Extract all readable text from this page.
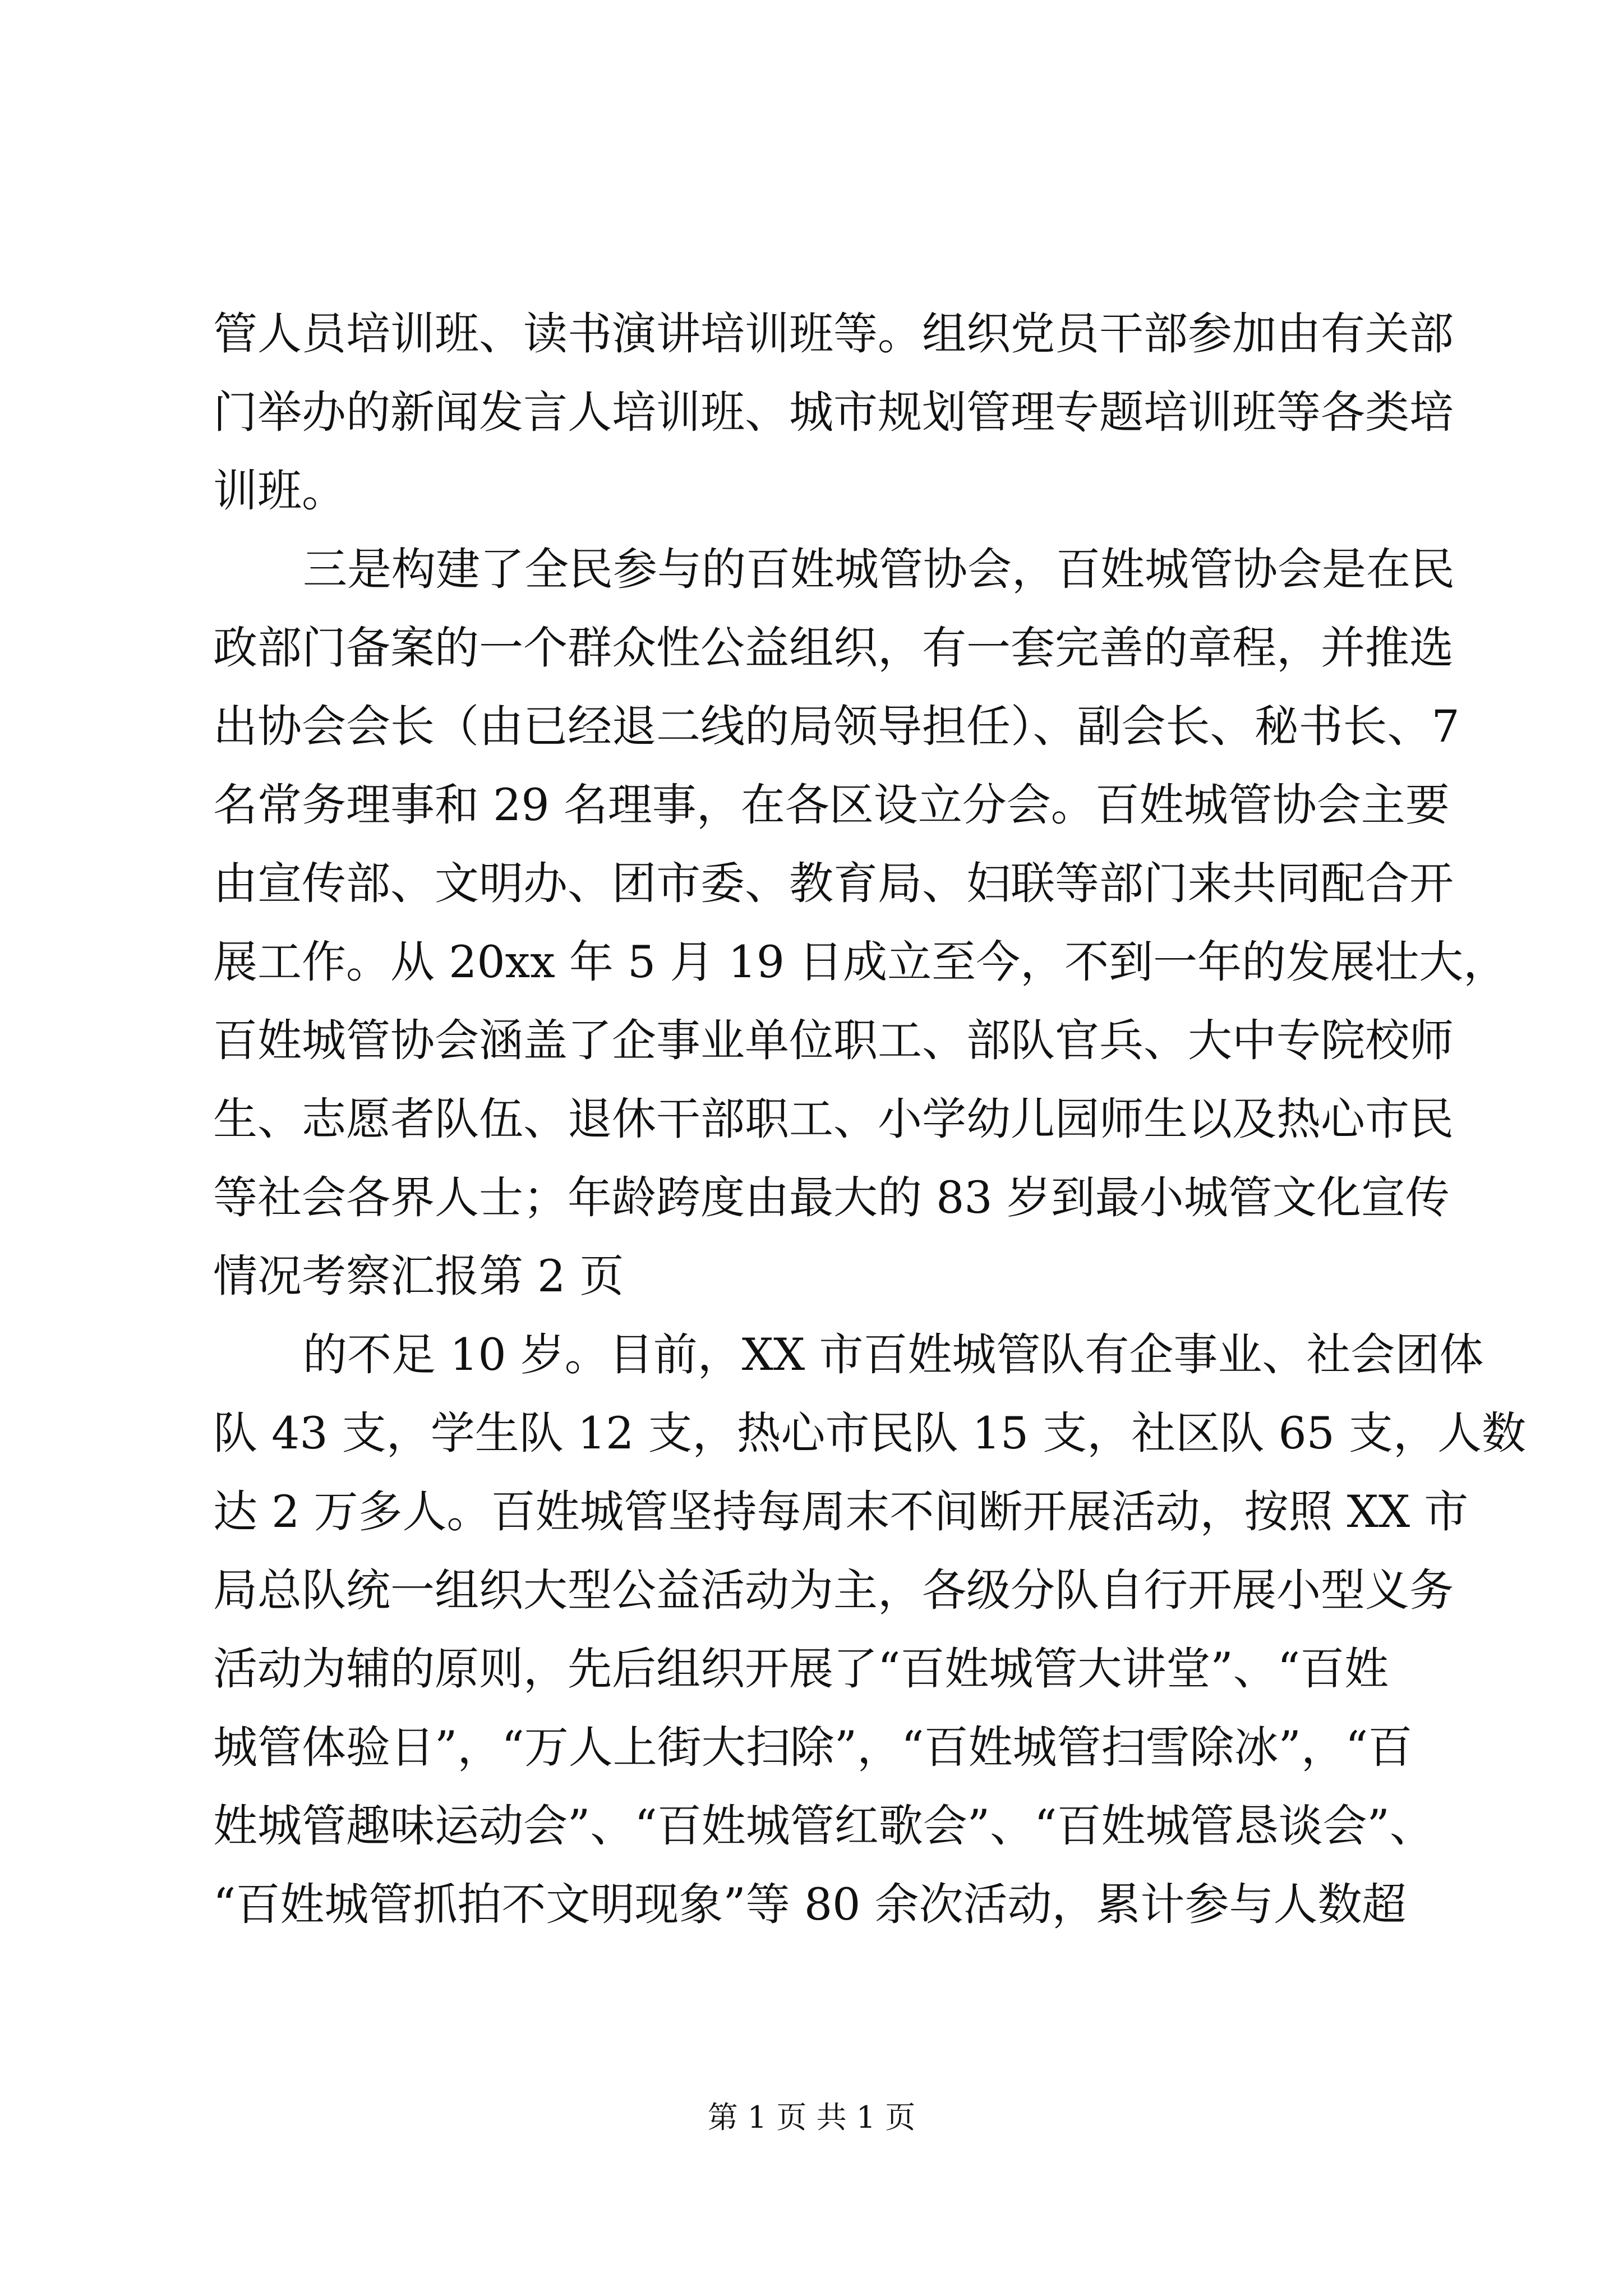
管人员培训班、读书演讲培训班等。组织党员干部参加由有关部
门举办的新闻发言人培训班、城市规划管理专题培训班等各类培
训班。
三是构建了全民参与的百姓城管协会，百姓城管协会是在民
政部门备案的一个群众性公益组织，有一套完善的章程，并推选
出协会会长（由已经退二线的局领导担任）、副会长、秘书长、7
名常务理事和 29 名理事，在各区设立分会。百姓城管协会主要
由宣传部、文明办、团市委、教育局、妇联等部门来共同配合开
展工作。从 20xx 年 5 月 19 日成立至今，不到一年的发展壮大，
百姓城管协会涵盖了企事业单位职工、部队官兵、大中专院校师
生、志愿者队伍、退休干部职工、小学幼儿园师生以及热心市民
等社会各界人士；年龄跨度由最大的 83 岁到最小城管文化宣传
情况考察汇报第 2 页
的不足 10 岁。目前，XX 市百姓城管队有企事业、社会团体
队 43 支，学生队 12 支，热心市民队 15 支，社区队 65 支，人数
达 2 万多人。百姓城管坚持每周末不间断开展活动，按照 XX 市
局总队统一组织大型公益活动为主，各级分队自行开展小型义务
活动为辅的原则，先后组织开展了“百姓城管大讲堂”、“百姓
城管体验日”，“万人上街大扫除”，“百姓城管扫雪除冰”，“百
姓城管趣味运动会”、“百姓城管红歌会”、“百姓城管恳谈会”、
“百姓城管抓拍不文明现象”等 80 余次活动，累计参与人数超
第 1 页 共 1 页
